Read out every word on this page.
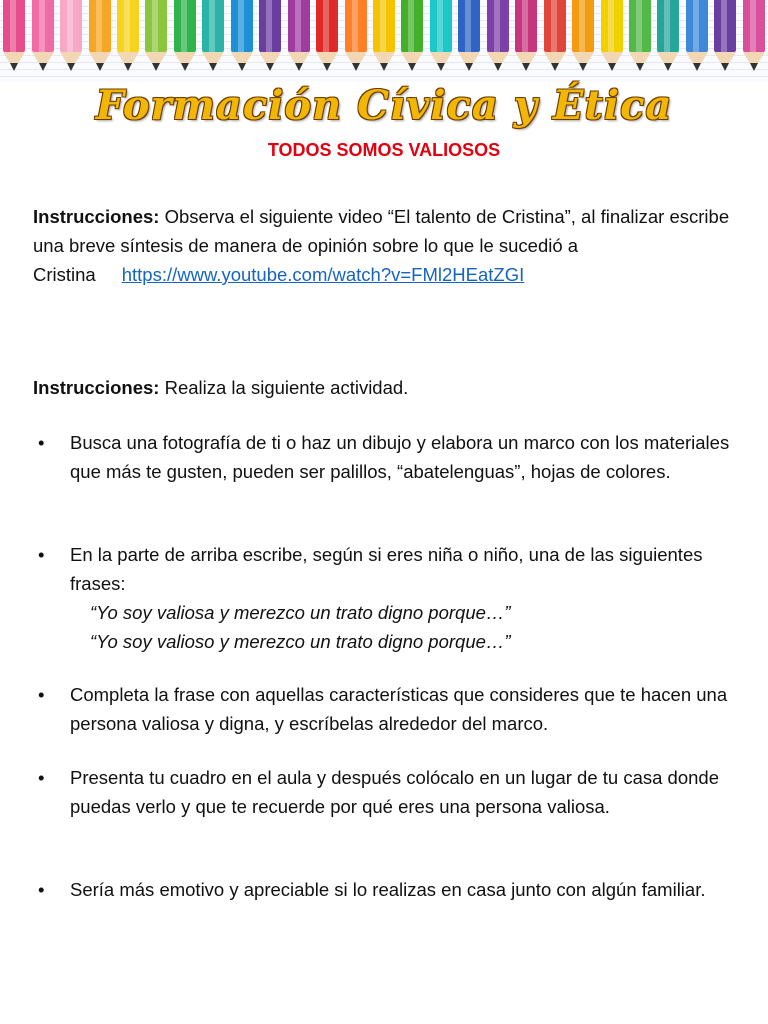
Formación Cívica y Ética
TODOS SOMOS VALIOSOS
Instrucciones: Observa el siguiente video “El talento de Cristina”, al finalizar escribe una breve síntesis de manera de opinión sobre lo que le sucedió a Cristina https://www.youtube.com/watch?v=FMl2HEatZGI
Instrucciones: Realiza la siguiente actividad.
• Busca una fotografía de ti o haz un dibujo y elabora un marco con los materiales que más te gusten, pueden ser palillos, “abatelenguas”, hojas de colores.
• En la parte de arriba escribe, según si eres niña o niño, una de las siguientes frases:
“Yo soy valiosa y merezco un trato digno porque…”
“Yo soy valioso y merezco un trato digno porque…”
• Completa la frase con aquellas características que consideres que te hacen una persona valiosa y digna, y escríbelas alrededor del marco.
• Presenta tu cuadro en el aula y después colócalo en un lugar de tu casa donde puedas verlo y que te recuerde por qué eres una persona valiosa.
• Sería más emotivo y apreciable si lo realizas en casa junto con algún familiar.
